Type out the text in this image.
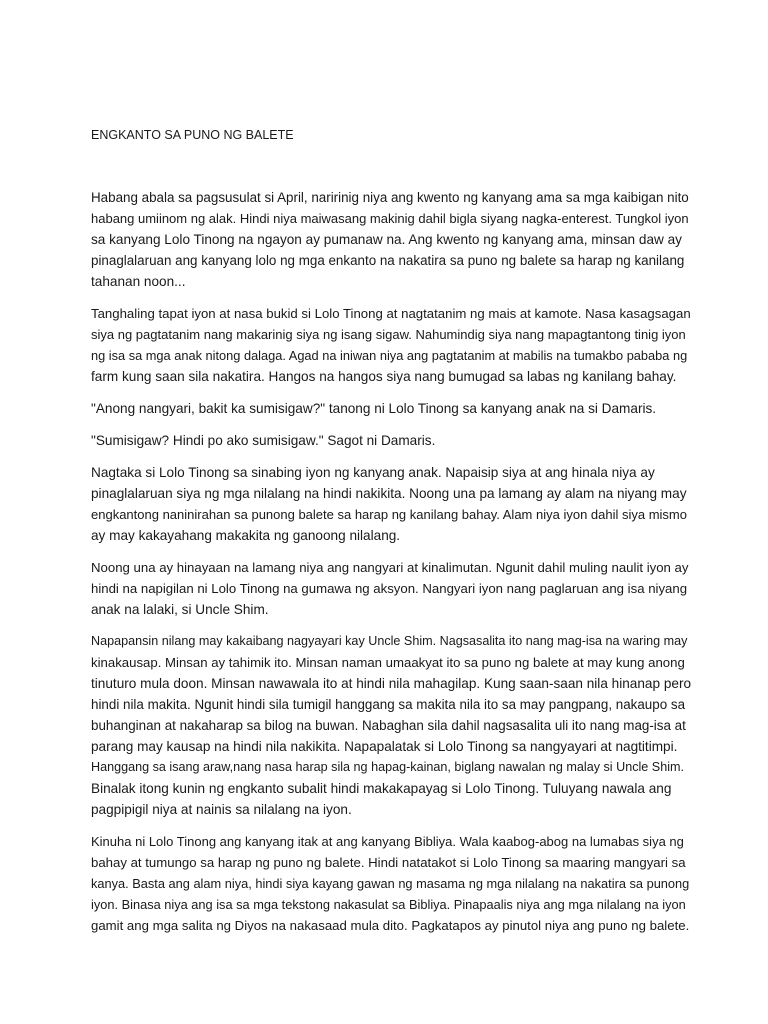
ENGKANTO SA PUNO NG BALETE
Habang abala sa pagsusulat si April, naririnig niya ang kwento ng kanyang ama sa mga kaibigan nito
habang umiinom ng alak. Hindi niya maiwasang makinig dahil bigla siyang nagka-enterest. Tungkol iyon
sa kanyang Lolo Tinong na ngayon ay pumanaw na. Ang kwento ng kanyang ama, minsan daw ay
pinaglalaruan ang kanyang lolo ng mga enkanto na nakatira sa puno ng balete sa harap ng kanilang
tahanan noon...
Tanghaling tapat iyon at nasa bukid si Lolo Tinong at nagtatanim ng mais at kamote. Nasa kasagsagan
siya ng pagtatanim nang makarinig siya ng isang sigaw. Nahumindig siya nang mapagtantong tinig iyon
ng isa sa mga anak nitong dalaga. Agad na iniwan niya ang pagtatanim at mabilis na tumakbo pababa ng
farm kung saan sila nakatira. Hangos na hangos siya nang bumugad sa labas ng kanilang bahay.
"Anong nangyari, bakit ka sumisigaw?" tanong ni Lolo Tinong sa kanyang anak na si Damaris.
"Sumisigaw? Hindi po ako sumisigaw." Sagot ni Damaris.
Nagtaka si Lolo Tinong sa sinabing iyon ng kanyang anak. Napaisip siya at ang hinala niya ay
pinaglalaruan siya ng mga nilalang na hindi nakikita. Noong una pa lamang ay alam na niyang may
engkantong naninirahan sa punong balete sa harap ng kanilang bahay. Alam niya iyon dahil siya mismo
ay may kakayahang makakita ng ganoong nilalang.
Noong una ay hinayaan na lamang niya ang nangyari at kinalimutan. Ngunit dahil muling naulit iyon ay
hindi na napigilan ni Lolo Tinong na gumawa ng aksyon. Nangyari iyon nang paglaruan ang isa niyang
anak na lalaki, si Uncle Shim.
Napapansin nilang may kakaibang nagyayari kay Uncle Shim. Nagsasalita ito nang mag-isa na waring may
kinakausap. Minsan ay tahimik ito. Minsan naman umaakyat ito sa puno ng balete at may kung anong
tinuturo mula doon. Minsan nawawala ito at hindi nila mahagilap. Kung saan-saan nila hinanap pero
hindi nila makita. Ngunit hindi sila tumigil hanggang sa makita nila ito sa may pangpang, nakaupo sa
buhanginan at nakaharap sa bilog na buwan. Nabaghan sila dahil nagsasalita uli ito nang mag-isa at
parang may kausap na hindi nila nakikita. Napapalatak si Lolo Tinong sa nangyayari at nagtitimpi.
Hanggang sa isang araw,nang nasa harap sila ng hapag-kainan, biglang nawalan ng malay si Uncle Shim.
Binalak itong kunin ng engkanto subalit hindi makakapayag si Lolo Tinong. Tuluyang nawala ang
pagpipigil niya at nainis sa nilalang na iyon.
Kinuha ni Lolo Tinong ang kanyang itak at ang kanyang Bibliya. Wala kaabog-abog na lumabas siya ng
bahay at tumungo sa harap ng puno ng balete. Hindi natatakot si Lolo Tinong sa maaring mangyari sa
kanya. Basta ang alam niya, hindi siya kayang gawan ng masama ng mga nilalang na nakatira sa punong
iyon. Binasa niya ang isa sa mga tekstong nakasulat sa Bibliya. Pinapaalis niya ang mga nilalang na iyon
gamit ang mga salita ng Diyos na nakasaad mula dito. Pagkatapos ay pinutol niya ang puno ng balete.
